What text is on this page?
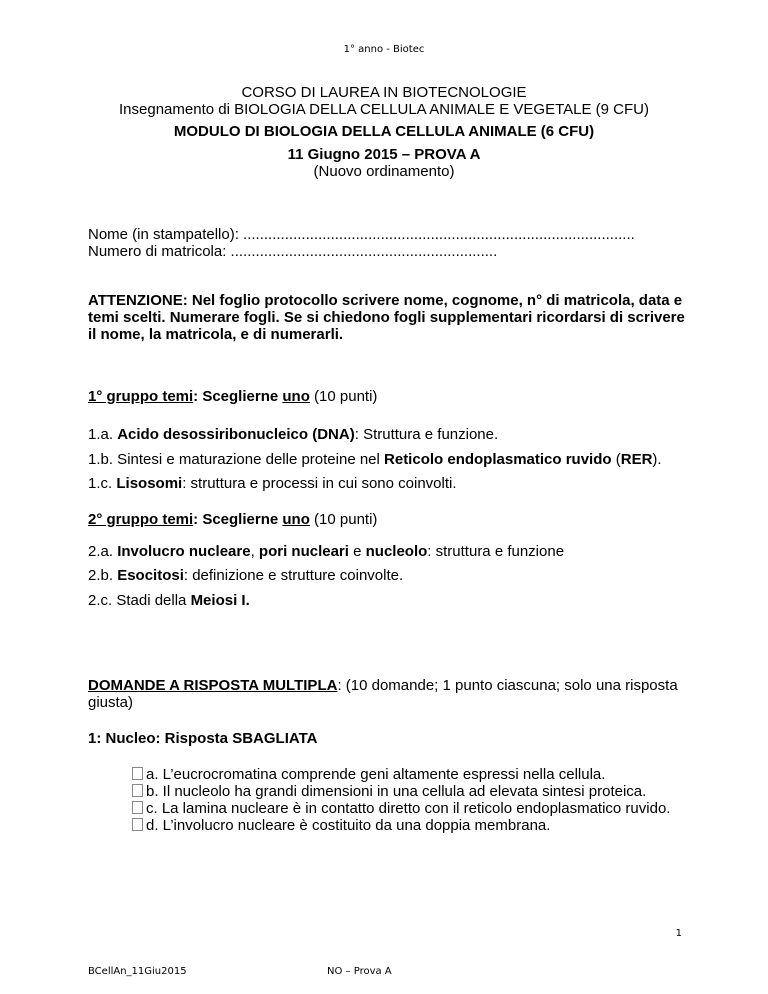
1° anno - Biotec
CORSO DI LAUREA IN BIOTECNOLOGIE
Insegnamento di BIOLOGIA DELLA CELLULA ANIMALE E VEGETALE (9 CFU)
MODULO DI BIOLOGIA DELLA CELLULA ANIMALE (6 CFU)
11 Giugno 2015 – PROVA A
(Nuovo ordinamento)
Nome (in stampatello): ..............................................................................................
Numero di matricola: ................................................................
ATTENZIONE: Nel foglio protocollo scrivere nome, cognome, n° di matricola, data e
temi scelti. Numerare fogli. Se si chiedono fogli supplementari ricordarsi di scrivere
il nome, la matricola, e di numerarli.
1° gruppo temi: Sceglierne uno (10 punti)
1.a. Acido desossiribonucleico (DNA): Struttura e funzione.
1.b. Sintesi e maturazione delle proteine nel Reticolo endoplasmatico ruvido (RER).
1.c. Lisosomi: struttura e processi in cui sono coinvolti.
2° gruppo temi: Sceglierne uno (10 punti)
2.a. Involucro nucleare, pori nucleari e nucleolo: struttura e funzione
2.b. Esocitosi: definizione e strutture coinvolte.
2.c. Stadi della Meiosi I.
DOMANDE A RISPOSTA MULTIPLA: (10 domande; 1 punto ciascuna; solo una risposta
giusta)
1: Nucleo: Risposta SBAGLIATA
a. L’eucrocromatina comprende geni altamente espressi nella cellula.
b. Il nucleolo ha grandi dimensioni in una cellula ad elevata sintesi proteica.
c. La lamina nucleare è in contatto diretto con il reticolo endoplasmatico ruvido.
d. L’involucro nucleare è costituito da una doppia membrana.
1
BCellAn_11Giu2015	NO – Prova A
